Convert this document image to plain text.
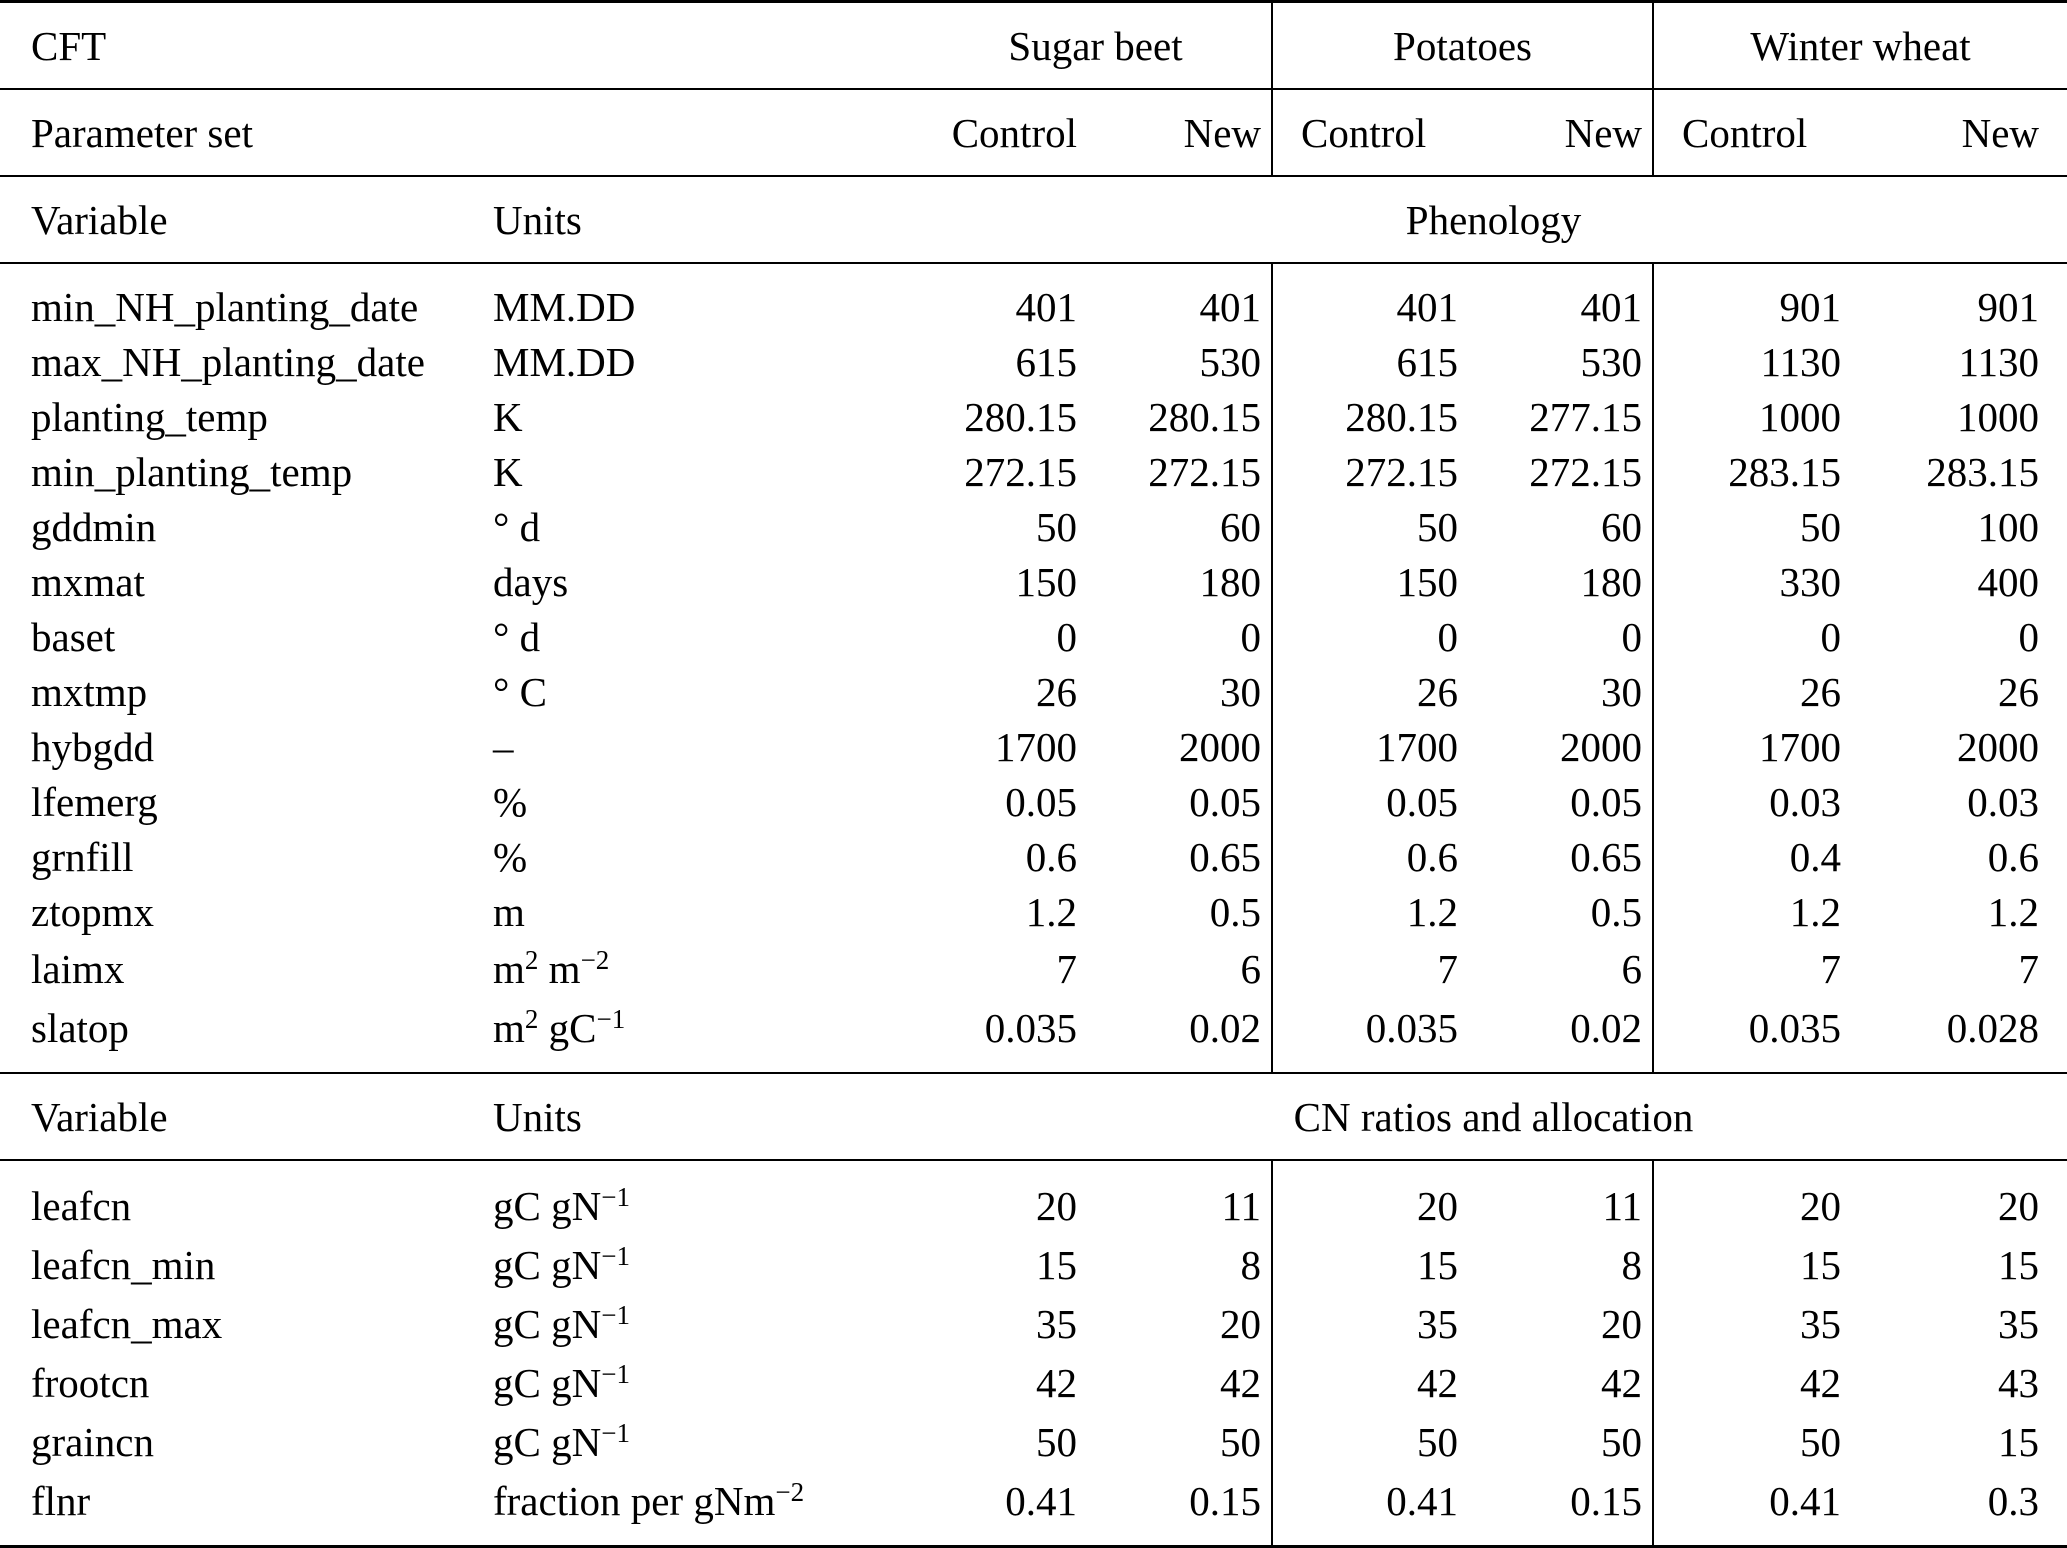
CFT		Sugar beet		Potatoes		Winter wheat	
Parameter set		Control	New	Control	New	Control	New
Variable	Units	Phenology					

min_NH_planting_date	MM.DD	401	401	401	401	901	901
max_NH_planting_date	MM.DD	615	530	615	530	1130	1130
planting_temp	K	280.15	280.15	280.15	277.15	1000	1000
min_planting_temp	K	272.15	272.15	272.15	272.15	283.15	283.15
gddmin	° d	50	60	50	60	50	100
mxmat	days	150	180	150	180	330	400
baset	° d	0	0	0	0	0	0
mxtmp	° C	26	30	26	30	26	26
hybgdd	–	1700	2000	1700	2000	1700	2000
lfemerg	%	0.05	0.05	0.05	0.05	0.03	0.03
grnfill	%	0.6	0.65	0.6	0.65	0.4	0.6
ztopmx	m	1.2	0.5	1.2	0.5	1.2	1.2
laimx	$m^2$ $m^{-2}$	7	6	7	6	7	7
slatop	$m^2$ $gC^{-1}$	0.035	0.02	0.035	0.02	0.035	0.028

Variable	Units	CN ratios and allocation					

leafcn	gC $gN^{-1}$	20	11	20	11	20	20
leafcn_min	gC $gN^{-1}$	15	8	15	8	15	15
leafcn_max	gC $gN^{-1}$	35	20	35	20	35	35
frootcn	gC $gN^{-1}$	42	42	42	42	42	43
graincn	gC $gN^{-1}$	50	50	50	50	50	15
flnr	fraction per gNm$^{-2}$	0.41	0.15	0.41	0.15	0.41	0.3
